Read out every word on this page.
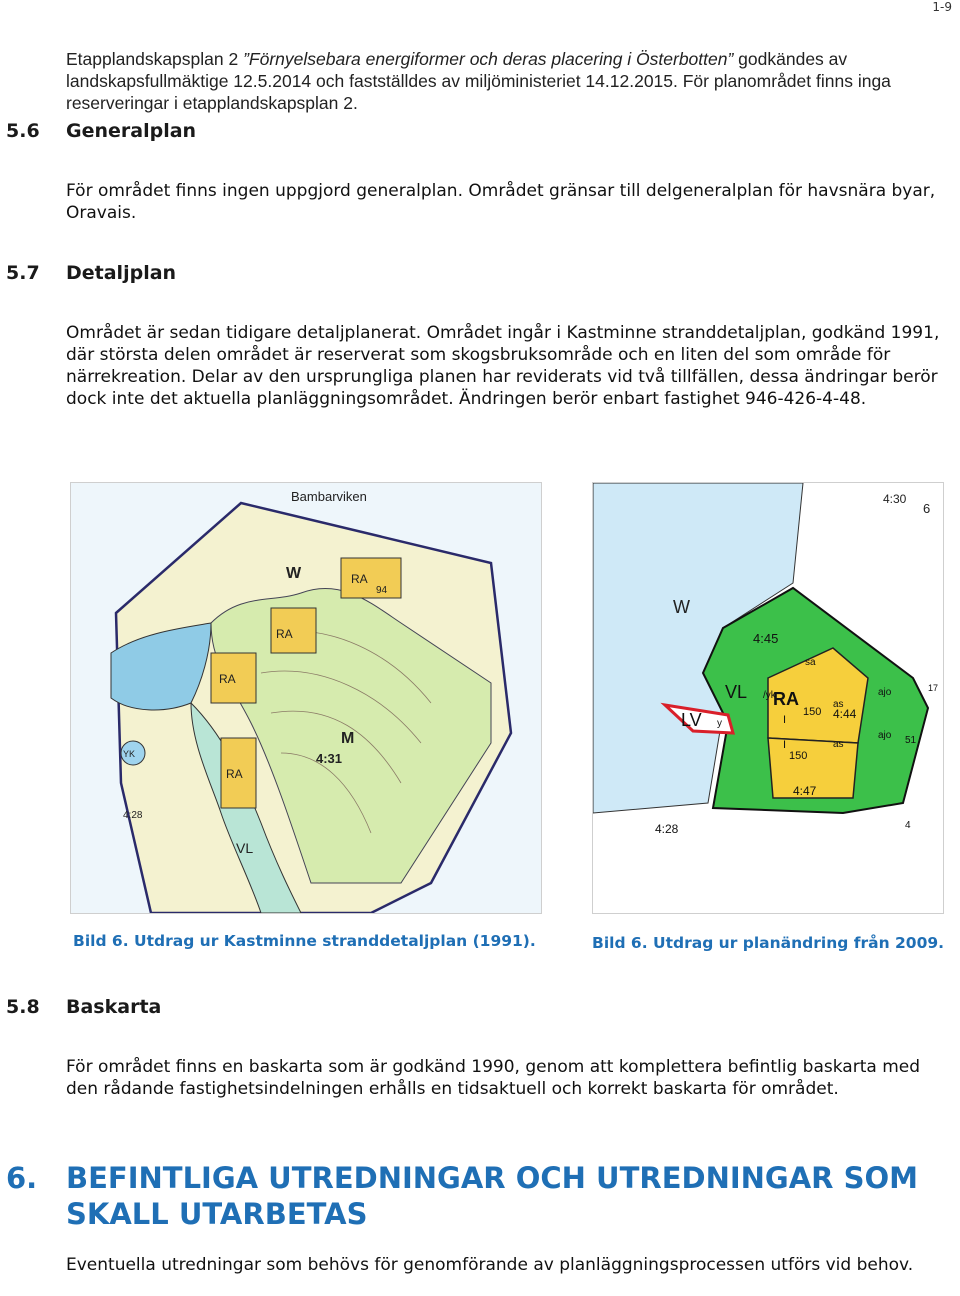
1-9

Etapplandskapsplan 2 ”Förnyelsebara energiformer och deras placering i Österbotten” godkändes av landskapsfullmäktige 12.5.2014 och fastställdes av miljöministeriet 14.12.2015. För planområdet finns inga reserveringar i etapplandskapsplan 2.

5.6 Generalplan

För området finns ingen uppgjord generalplan. Området gränsar till delgeneralplan för havsnära byar, Oravais.

5.7 Detaljplan

Området är sedan tidigare detaljplanerat. Området ingår i Kastminne stranddetaljplan, godkänd 1991, där största delen området är reserverat som skogsbruksområde och en liten del som område för närrekreation. Delar av den ursprungliga planen har reviderats vid två tillfällen, dessa ändringar berör dock inte det aktuella planläggningsområdet. Ändringen berör enbart fastighet 946-426-4-48.

Bambarviken
W	RA
94
RA
RA
RA
M
4:31
YK
VL
4:28
W
4:30
6
4:45
sa
VL /yk
RA
I
150
as
4:44
ajo
ajo
17
51
4
I
150
as
4:47
LV y
4:28
Bild 6. Utdrag ur Kastminne stranddetaljplan (1991).	Bild 6. Utdrag ur planändring från 2009.
5.8 Baskarta

För området finns en baskarta som är godkänd 1990, genom att komplettera befintlig baskarta med den rådande fastighetsindelningen erhålls en tidsaktuell och korrekt baskarta för området.

6. BEFINTLIGA UTREDNINGAR OCH UTREDNINGAR SOM SKALL UTARBETAS

Eventuella utredningar som behövs för genomförande av planläggningsprocessen utförs vid behov.
